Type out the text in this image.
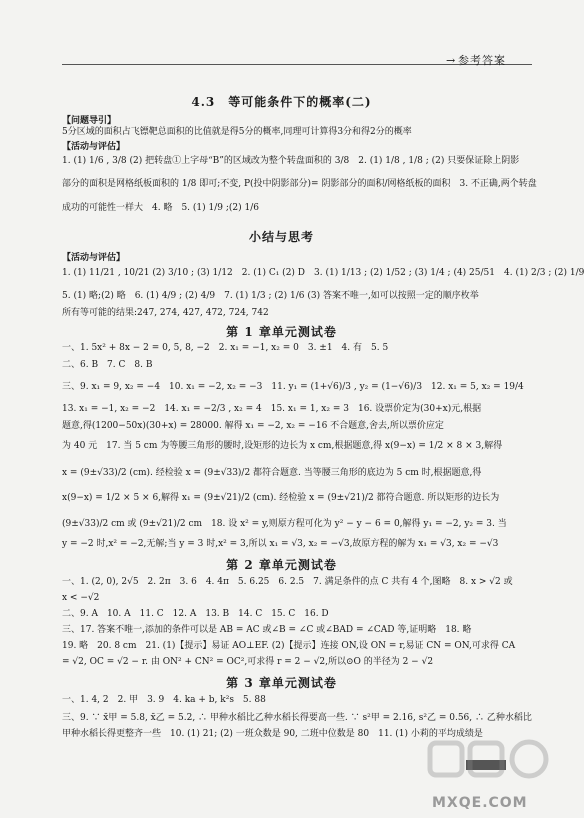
→ 参考答案
4.3　等可能条件下的概率(二)
【问题导引】
5分区域的面积占飞镖靶总面积的比值就是得5分的概率,同理可计算得3分和得2分的概率
【活动与评估】
1. (1) 1/6 , 3/8 (2) 把转盘①上字母“B”的区域改为整个转盘面积的 3/8　2. (1) 1/8 , 1/8 ; (2) 只要保证除上阴影
部分的面积是网格纸板面积的 1/8 即可;不变, P(投中阴影部分)= 阴影部分的面积/网格纸板的面积　3. 不正确,两个转盘
成功的可能性一样大　4. 略　5. (1) 1/9 ;(2) 1/6
小结与思考
【活动与评估】
1. (1) 11/21 , 10/21 (2) 3/10 ; (3) 1/12　2. (1) C₁ (2) D　3. (1) 1/13 ; (2) 1/52 ; (3) 1/4 ; (4) 25/51　4. (1) 2/3 ; (2) 1/9
5. (1) 略;(2) 略　6. (1) 4/9 ; (2) 4/9　7. (1) 1/3 ; (2) 1/6 (3) 答案不唯一,如可以按照一定的顺序枚举
所有等可能的结果:247, 274, 427, 472, 724, 742
第 1 章单元测试卷
一、1. 5x² + 8x − 2 = 0, 5, 8, −2　2. x₁ = −1, x₂ = 0　3. ±1　4. 有　5. 5
二、6. B　7. C　8. B
三、9. x₁ = 9, x₂ = −4　10. x₁ = −2, x₂ = −3　11. y₁ = (1+√6)/3 , y₂ = (1−√6)/3　12. x₁ = 5, x₂ = 19/4
13. x₁ = −1, x₂ = −2　14. x₁ = −2/3 , x₂ = 4　15. x₁ = 1, x₂ = 3　16. 设票价定为(30+x)元,根据
题意,得(1200−50x)(30+x) = 28000. 解得 x₁ = −2, x₂ = −16 不合题意,舍去,所以票价应定
为 40 元　17. 当 5 cm 为等腰三角形的腰时,设矩形的边长为 x cm,根据题意,得 x(9−x) = 1/2 × 8 × 3,解得
x = (9±√33)/2 (cm). 经检验 x = (9±√33)/2 都符合题意. 当等腰三角形的底边为 5 cm 时,根据题意,得
x(9−x) = 1/2 × 5 × 6,解得 x₁ = (9±√21)/2 (cm). 经检验 x = (9±√21)/2 都符合题意. 所以矩形的边长为
(9±√33)/2 cm 或 (9±√21)/2 cm　18. 设 x² = y,则原方程可化为 y² − y − 6 = 0,解得 y₁ = −2, y₂ = 3. 当
y = −2 时,x² = −2,无解;当 y = 3 时,x² = 3,所以 x₁ = √3, x₂ = −√3,故原方程的解为 x₁ = √3, x₂ = −√3
第 2 章单元测试卷
一、1. (2, 0), 2√5　2. 2π　3. 6　4. 4π　5. 6.25　6. 2.5　7. 满足条件的点 C 共有 4 个,图略　8. x > √2 或
x < −√2
二、9. A　10. A　11. C　12. A　13. B　14. C　15. C　16. D
三、17. 答案不唯一,添加的条件可以是 AB = AC 或∠B = ∠C 或∠BAD = ∠CAD 等,证明略　18. 略
19. 略　20. 8 cm　21. (1)【提示】易证 AO⊥EF. (2)【提示】连接 ON,设 ON = r,易证 CN = ON,可求得 CA
= √2, OC = √2 − r. 由 ON² + CN² = OC²,可求得 r = 2 − √2,所以⊙O 的半径为 2 − √2
第 3 章单元测试卷
一、1. 4, 2　2. 甲　3. 9　4. ka + b, k²s　5. 88
三、9. ∵ x̄甲 = 5.8, x̄乙 = 5.2, ∴ 甲种水稻比乙种水稻长得要高一些. ∵ s²甲 = 2.16, s²乙 = 0.56, ∴ 乙种水稻比
甲种水稻长得更整齐一些　10. (1) 21; (2) 一班众数是 90, 二班中位数是 80　11. (1) 小莉的平均成绩是
MXQE.COM
